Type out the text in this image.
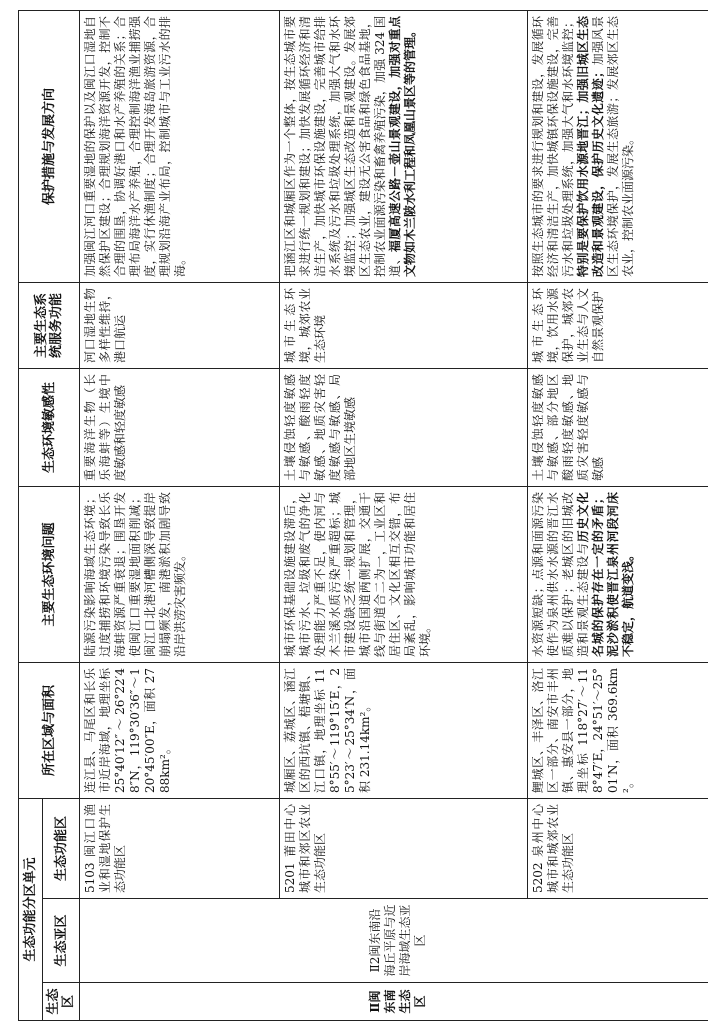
生态功能分区单元			所在区域与面积	主要生态环境问题	生态环境敏感性	主要生态系统服务功能	保护措施与发展方向
生态区	生态亚区	生态功能区					
Ⅱ闽东南生态区	Ⅱ2闽东南沿海丘平原与近岸海域生态亚区	5103 闽江口渔业和湿地保护生态功能区	连江县、马尾区和长乐市近岸海域，地理坐标 25°40′12″～26°22′48″N，119°30′36″～120°45′00″E，面积 2788km²。	陆源污染影响海域生态环境；过度捕捞和环境污染导致长乐海蚌资源严重衰退；围垦开发使闽江口重要湿地面积削减；闽江口北港河槽侧深导致提岸崩塌频发，南港淤积加剧导致沿岸洪涝灾害频发。	重要海洋生物（长乐海蚌等）生境中度敏感和轻度敏感	河口湿地生物多样性维持，港口航运	加强闽江河口重要湿地的保护以及闽江口湿地自然保护区建设；合理规划海洋资源开发，控制不合理的围垦，协调好港口和水产养殖的关系；合理布局海洋水产养殖，合理控制海洋渔业捕捞强度，实行休渔制度；合理开发海岛旅游资源，合理规划沿海产业布局，控制城市与工业污水的排海。
		5201 莆田中心城市和郊区农业生态功能区	城厢区、荔城区、涵江区的西坑镇、梧塘镇、江口镇，地理坐标 118°55′～119°15′E，25°23′～25°34′N，面积 231.14km²。	城市环保基础设施建设滞后，城市污水、垃圾和废气的净化处理能力严重不足，使内河与木兰溪水质污染严重超标；城市建设缺乏统一规划和管理，城市沿国道两侧扩展，交通干线与街道合二为一，工业区和居住区、文化区相互交错，布局紊乱，影响城市功能和居住环境。	土壤侵蚀轻度敏感与敏感、酸雨轻度敏感、地质灾害轻度敏感与敏感、局部地区生境敏感	城市生态环境，城郊农业生态环境	把涵江区和城厢区作为一个整体，按生态城市要求进行统一规划和建设；加快发展循环经济和清洁生产，加快城市环保设施建设，完善城市给排水系统及污水和垃圾处理系统，加强大气和水环境监控；加强城区生态改造和景观建设。发展郊区生态农业，建设无公害食品和绿色食品基地，控制农业面源污染和畜禽养殖污染，加强 324 国道、福厦高速公路－壶山景观建设，加强对重点文物如木兰陂水利工程和凤凰山景区等的管理。
		5202 泉州中心城市和城郊农业生态功能区	鲤城区、丰泽区、洛江区一部分、南安市丰州镇、惠安县一部分，地理坐标 118°27′～118°47′E，24°51′～25°01′N，面积 369.6km²。	水资源短缺；点源和面源污染使作为泉州供水水源的晋江水质难以保护；老城区的旧城改造和景观生态建设与历史文化名城的保护存在一定的矛盾；泥沙淤积使晋江泉州河段河床不稳定，航道变浅。	土壤侵蚀轻度敏感与敏感、部分地区酸雨轻度敏感、地质灾害轻度敏感与敏感	城市生态环境，饮用水源保护，城郊农业生态与人文自然景观保护	按照生态城市的要求进行规划和建设，发展循环经济和清洁生产，加快城镇环保设施建设，完善污水和垃圾处理系统，加强大气和水环境监控；特别是要保护饮用水源地晋江；加强旧城区生态改造和景观建设，保护历史文化遗迹；加强风景区生态环境保护，发展生态旅游；发展郊区生态农业，控制农业面源污染。
